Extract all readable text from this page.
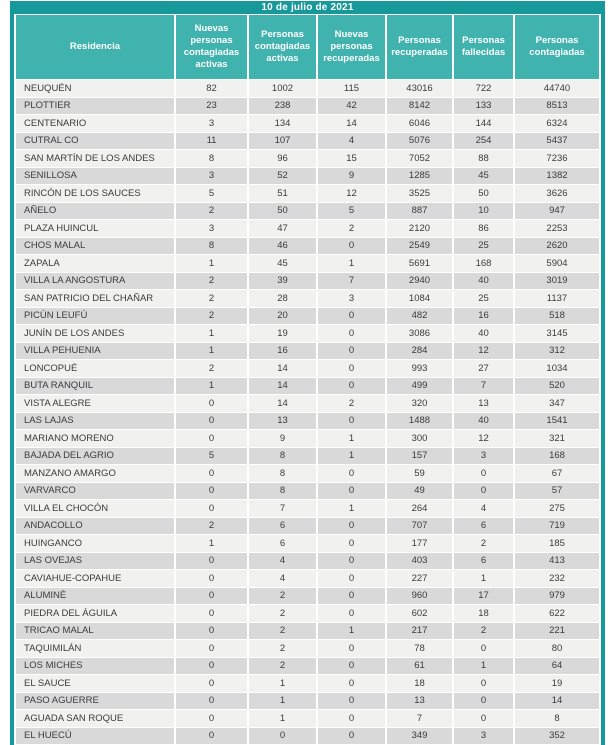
10 de julio de 2021
Residencia	Nuevas personas contagiadas activas	Personas contagiadas activas	Nuevas personas recuperadas	Personas recuperadas	Personas fallecidas	Personas contagiadas
NEUQUÉN	82	1002	115	43016	722	44740
PLOTTIER	23	238	42	8142	133	8513
CENTENARIO	3	134	14	6046	144	6324
CUTRAL CO	11	107	4	5076	254	5437
SAN MARTÍN DE LOS ANDES	8	96	15	7052	88	7236
SENILLOSA	3	52	9	1285	45	1382
RINCÓN DE LOS SAUCES	5	51	12	3525	50	3626
AÑELO	2	50	5	887	10	947
PLAZA HUINCUL	3	47	2	2120	86	2253
CHOS MALAL	8	46	0	2549	25	2620
ZAPALA	1	45	1	5691	168	5904
VILLA LA ANGOSTURA	2	39	7	2940	40	3019
SAN PATRICIO DEL CHAÑAR	2	28	3	1084	25	1137
PICÚN LEUFÚ	2	20	0	482	16	518
JUNÍN DE LOS ANDES	1	19	0	3086	40	3145
VILLA PEHUENIA	1	16	0	284	12	312
LONCOPUÉ	2	14	0	993	27	1034
BUTA RANQUIL	1	14	0	499	7	520
VISTA ALEGRE	0	14	2	320	13	347
LAS LAJAS	0	13	0	1488	40	1541
MARIANO MORENO	0	9	1	300	12	321
BAJADA DEL AGRIO	5	8	1	157	3	168
MANZANO AMARGO	0	8	0	59	0	67
VARVARCO	0	8	0	49	0	57
VILLA EL CHOCÓN	0	7	1	264	4	275
ANDACOLLO	2	6	0	707	6	719
HUINGANCO	1	6	0	177	2	185
LAS OVEJAS	0	4	0	403	6	413
CAVIAHUE-COPAHUE	0	4	0	227	1	232
ALUMINÉ	0	2	0	960	17	979
PIEDRA DEL ÁGUILA	0	2	0	602	18	622
TRICAO MALAL	0	2	1	217	2	221
TAQUIMILÁN	0	2	0	78	0	80
LOS MICHES	0	2	0	61	1	64
EL SAUCE	0	1	0	18	0	19
PASO AGUERRE	0	1	0	13	0	14
AGUADA SAN ROQUE	0	1	0	7	0	8
EL HUECÚ	0	0	0	349	3	352
